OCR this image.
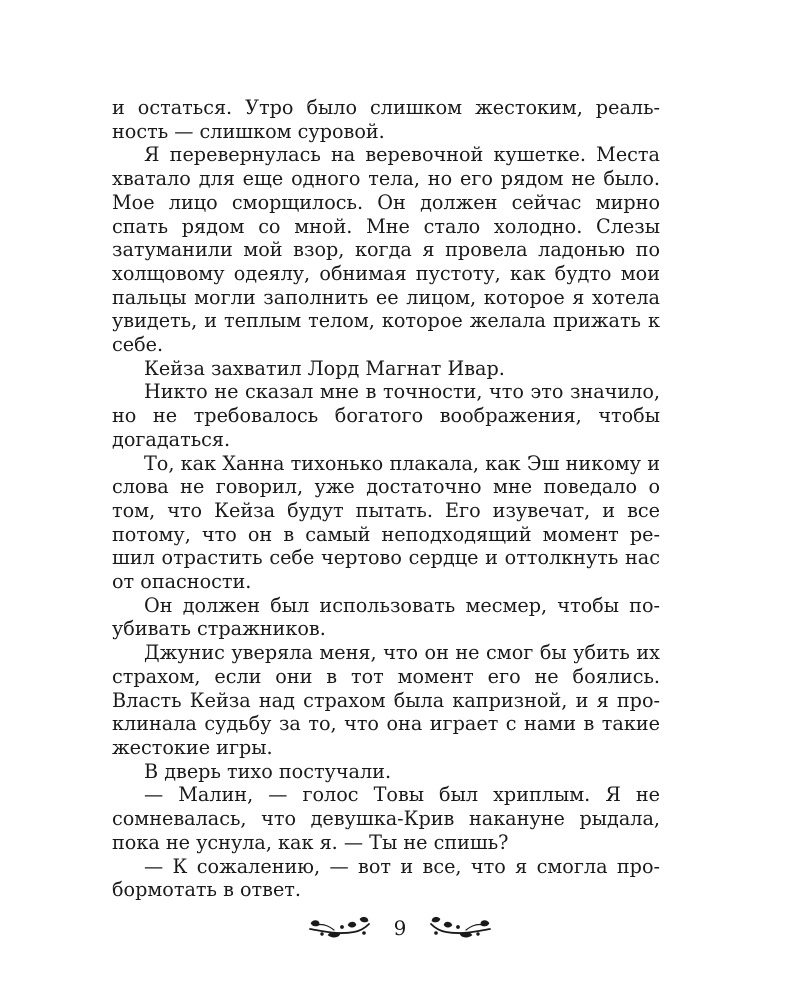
и остаться. Утро было слишком жестоким, реальность — слишком суровой.

Я перевернулась на веревочной кушетке. Места хватало для еще одного тела, но его рядом не было. Мое лицо сморщилось. Он должен сейчас мирно спать рядом со мной. Мне стало холодно. Слезы затуманили мой взор, когда я провела ладонью по холщовому одеялу, обнимая пустоту, как будто мои пальцы могли заполнить ее лицом, которое я хотела увидеть, и теплым телом, которое желала прижать к себе.

Кейза захватил Лорд Магнат Ивар.

Никто не сказал мне в точности, что это значило, но не требовалось богатого воображения, чтобы догадаться.

То, как Ханна тихонько плакала, как Эш никому и слова не говорил, уже достаточно мне поведало о том, что Кейза будут пытать. Его изувечат, и все потому, что он в самый неподходящий момент решил отрастить себе чертово сердце и оттолкнуть нас от опасности.

Он должен был использовать месмер, чтобы поубивать стражников.

Джунис уверяла меня, что он не смог бы убить их страхом, если они в тот момент его не боялись. Власть Кейза над страхом была капризной, и я проклинала судьбу за то, что она играет с нами в такие жестокие игры.

В дверь тихо постучали.

— Малин, — голос Товы был хриплым. Я не сомневалась, что девушка-Крив накануне рыдала, пока не уснула, как я. — Ты не спишь?

— К сожалению, — вот и все, что я смогла пробормотать в ответ.

9
